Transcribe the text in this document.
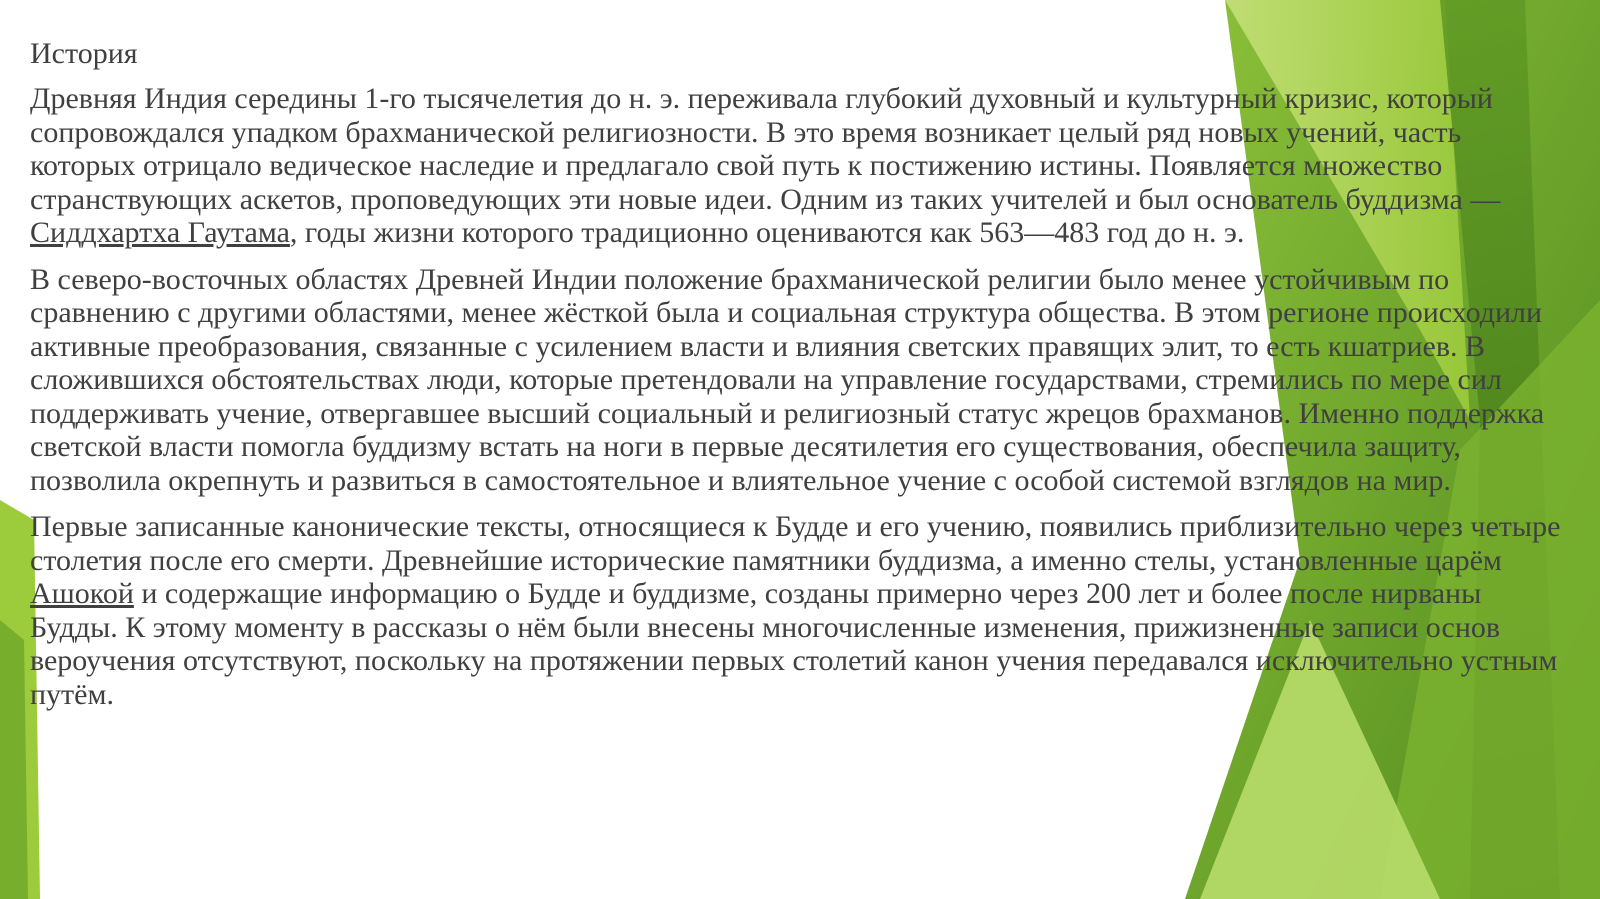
История

Древняя Индия середины 1-го тысячелетия до н. э. переживала глубокий духовный и культурный кризис, который сопровождался упадком брахманической религиозности. В это время возникает целый ряд новых учений, часть которых отрицало ведическое наследие и предлагало свой путь к постижению истины. Появляется множество странствующих аскетов, проповедующих эти новые идеи. Одним из таких учителей и был основатель буддизма — Сиддхартха Гаутама, годы жизни которого традиционно оцениваются как 563—483 год до н. э.

В северо-восточных областях Древней Индии положение брахманической религии было менее устойчивым по сравнению с другими областями, менее жёсткой была и социальная структура общества. В этом регионе происходили активные преобразования, связанные с усилением власти и влияния светских правящих элит, то есть кшатриев. В сложившихся обстоятельствах люди, которые претендовали на управление государствами, стремились по мере сил поддерживать учение, отвергавшее высший социальный и религиозный статус жрецов брахманов. Именно поддержка светской власти помогла буддизму встать на ноги в первые десятилетия его существования, обеспечила защиту, позволила окрепнуть и развиться в самостоятельное и влиятельное учение с особой системой взглядов на мир.

Первые записанные канонические тексты, относящиеся к Будде и его учению, появились приблизительно через четыре столетия после его смерти. Древнейшие исторические памятники буддизма, а именно стелы, установленные царём Ашокой и содержащие информацию о Будде и буддизме, созданы примерно через 200 лет и более после нирваны Будды. К этому моменту в рассказы о нём были внесены многочисленные изменения, прижизненные записи основ вероучения отсутствуют, поскольку на протяжении первых столетий канон учения передавался исключительно устным путём.
